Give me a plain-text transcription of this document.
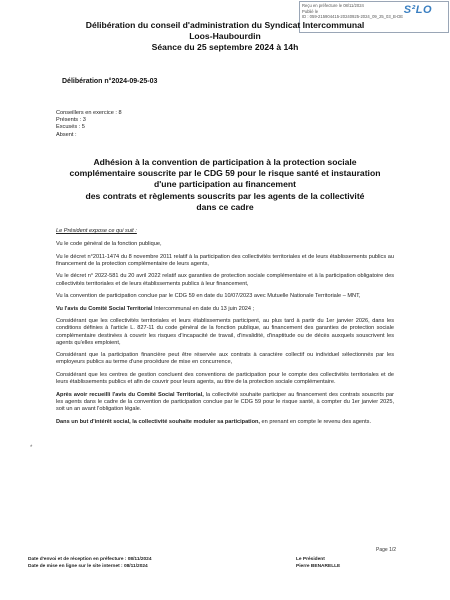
Reçu en préfecture le 08/11/2024
Publié le
ID : 059-215904415-20240925-2024_09_25_03_B-DE
S²LO
Délibération du conseil d'administration du Syndicat Intercommunal
Loos-Haubourdin
Séance du 25 septembre 2024 à 14h
Délibération n°2024-09-25-03
Conseillers en exercice : 8
Présents : 3
Excusés : 5
Absent :
Adhésion à la convention de participation à la protection sociale
complémentaire souscrite par le CDG 59 pour le risque santé et instauration
d'une participation au financement
des contrats et règlements souscrits par les agents de la collectivité
dans ce cadre

Le Président expose ce qui suit :

Vu le code général de la fonction publique,

Vu le décret n°2011-1474 du 8 novembre 2011 relatif à la participation des collectivités territoriales et de leurs établissements publics au financement de la protection complémentaire de leurs agents,

Vu le décret n° 2022-581 du 20 avril 2022 relatif aux garanties de protection sociale complémentaire et à la participation obligatoire des collectivités territoriales et de leurs établissements publics à leur financement,

Vu la convention de participation conclue par le CDG 59 en date du 10/07/2023 avec Mutuelle Nationale Territoriale – MNT,

Vu l'avis du Comité Social Territorial Intercommunal en date du 13 juin 2024 ;

Considérant que les collectivités territoriales et leurs établissements participent, au plus tard à partir du 1er janvier 2026, dans les conditions définies à l'article L. 827-11 du code général de la fonction publique, au financement des garanties de protection sociale complémentaire destinées à couvrir les risques d'incapacité de travail, d'invalidité, d'inaptitude ou de décès auxquels souscrivent les agents qu'elles emploient,

Considérant que la participation financière peut être réservée aux contrats à caractère collectif ou individuel sélectionnés par les employeurs publics au terme d'une procédure de mise en concurrence,

Considérant que les centres de gestion concluent des conventions de participation pour le compte des collectivités territoriales et de leurs établissements publics et afin de couvrir pour leurs agents, au titre de la protection sociale complémentaire.

Après avoir recueilli l'avis du Comité Social Territorial, la collectivité souhaite participer au financement des contrats souscrits par les agents dans le cadre de la convention de participation conclue par le CDG 59 pour le risque santé, à compter du 1er janvier 2025, soit un an avant l'obligation légale.

Dans un but d'intérêt social, la collectivité souhaite moduler sa participation, en prenant en compte le revenu des agents.

*
Page 1/2
Date d'envoi et de réception en préfecture : 08/11/2024
Date de mise en ligne sur le site internet : 08/11/2024
Le Président
Pierre BENARELLE
